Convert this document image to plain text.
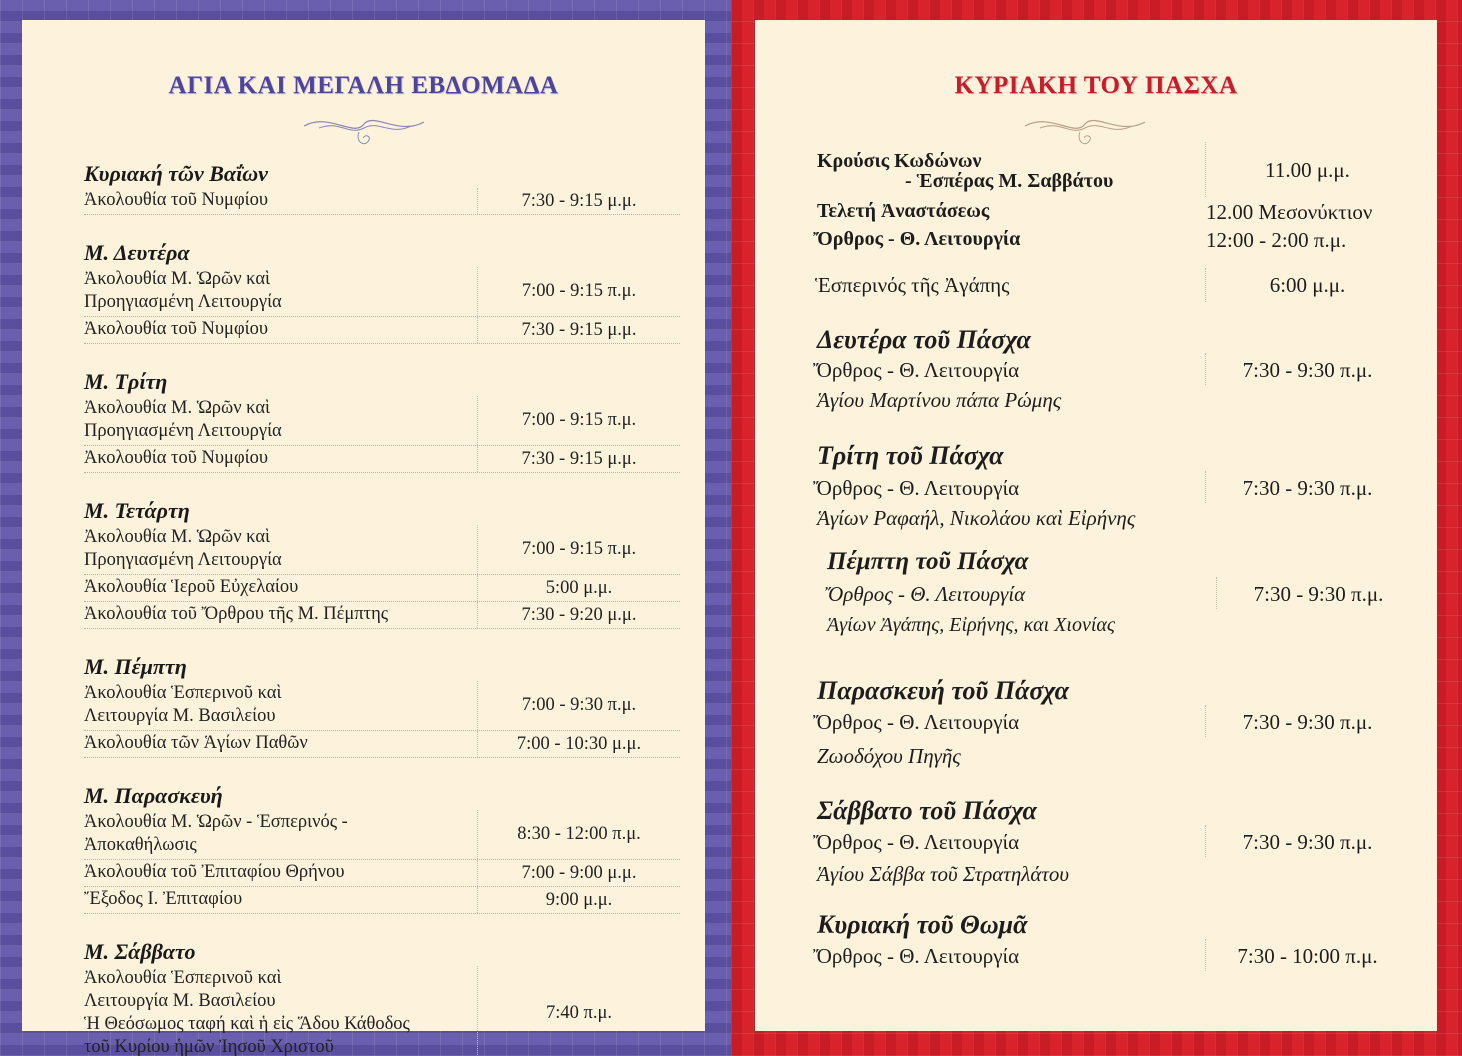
ΑΓΙΑ ΚΑΙ ΜΕΓΑΛΗ ΕΒΔΟΜΑΔΑ
Κυριακή τῶν Βαΐων
Ἀκολουθία τοῦ Νυμφίου	7:30 - 9:15 μ.μ.
Μ. Δευτέρα
Ἀκολουθία Μ. Ὡρῶν καὶ
Προηγιασμένη Λειτουργία
7:00 - 9:15 π.μ.
Ἀκολουθία τοῦ Νυμφίου	7:30 - 9:15 μ.μ.
Μ. Τρίτη
Ἀκολουθία Μ. Ὡρῶν καὶ
Προηγιασμένη Λειτουργία
7:00 - 9:15 π.μ.
Ἀκολουθία τοῦ Νυμφίου	7:30 - 9:15 μ.μ.
Μ. Τετάρτη
Ἀκολουθία Μ. Ὡρῶν καὶ
Προηγιασμένη Λειτουργία
7:00 - 9:15 π.μ.
Ἀκολουθία Ἱεροῦ Εὐχελαίου	5:00 μ.μ.
Ἀκολουθία τοῦ Ὄρθρου τῆς Μ. Πέμπτης	7:30 - 9:20 μ.μ.
Μ. Πέμπτη
Ἀκολουθία Ἑσπερινοῦ καὶ
Λειτουργία Μ. Βασιλείου
7:00 - 9:30 π.μ.
Ἀκολουθία τῶν Ἁγίων Παθῶν	7:00 - 10:30 μ.μ.
Μ. Παρασκευή
Ἀκολουθία Μ. Ὡρῶν - Ἑσπερινός -
Ἀποκαθήλωσις
8:30 - 12:00 π.μ.
Ἀκολουθία τοῦ Ἐπιταφίου Θρήνου	7:00 - 9:00 μ.μ.
Ἔξοδος Ι. Ἐπιταφίου	9:00 μ.μ.
Μ. Σάββατο
Ἀκολουθία Ἑσπερινοῦ καὶ
Λειτουργία Μ. Βασιλείου
Ἡ Θεόσωμος ταφή καὶ ἡ εἰς Ἅδου Κάθοδος
τοῦ Κυρίου ἡμῶν Ἰησοῦ Χριστοῦ
7:40 π.μ.
ΚΥΡΙΑΚΗ ΤΟΥ ΠΑΣΧΑ
Κρούσις Κωδώνων
- Ἑσπέρας Μ. Σαββάτου	11.00 μ.μ.
Τελετή Ἀναστάσεως	12.00 Μεσονύκτιον
Ὄρθρος - Θ. Λειτουργία	12:00 - 2:00 π.μ.
Ἑσπερινός τῆς Ἀγάπης	6:00 μ.μ.
Δευτέρα τοῦ Πάσχα
Ὄρθρος - Θ. Λειτουργία	7:30 - 9:30 π.μ.
Ἁγίου Μαρτίνου πάπα Ρώμης
Τρίτη τοῦ Πάσχα
Ὄρθρος - Θ. Λειτουργία	7:30 - 9:30 π.μ.
Ἁγίων Ραφαήλ, Νικολάου καὶ Εἰρήνης
Πέμπτη τοῦ Πάσχα
Ὄρθρος - Θ. Λειτουργία	7:30 - 9:30 π.μ.
Ἁγίων Ἀγάπης, Εἰρήνης, και Χιονίας
Παρασκευή τοῦ Πάσχα
Ὄρθρος - Θ. Λειτουργία	7:30 - 9:30 π.μ.
Ζωοδόχου Πηγῆς
Σάββατο τοῦ Πάσχα
Ὄρθρος - Θ. Λειτουργία	7:30 - 9:30 π.μ.
Ἁγίου Σάββα τοῦ Στρατηλάτου
Κυριακή τοῦ Θωμᾶ
Ὄρθρος - Θ. Λειτουργία	7:30 - 10:00 π.μ.
